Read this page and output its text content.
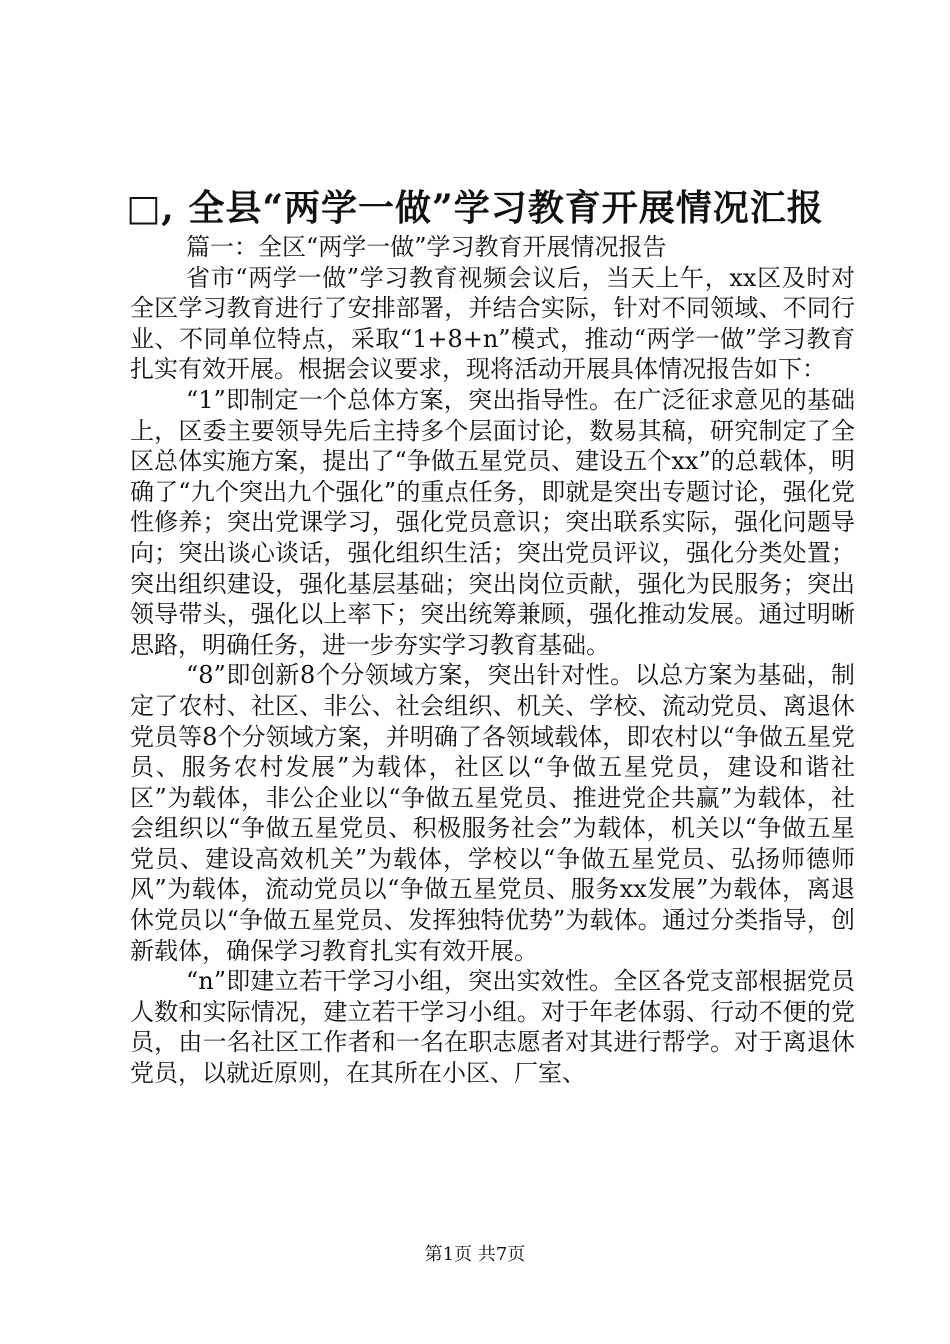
□, 全县“两学一做”学习教育开展情况汇报

篇一：全区“两学一做”学习教育开展情况报告

省市“两学一做”学习教育视频会议后，当天上午，xx区及时对全区学习教育进行了安排部署，并结合实际，针对不同领域、不同行业、不同单位特点，采取“1+8+n”模式，推动“两学一做”学习教育扎实有效开展。根据会议要求，现将活动开展具体情况报告如下：

“1”即制定一个总体方案，突出指导性。在广泛征求意见的基础上，区委主要领导先后主持多个层面讨论，数易其稿，研究制定了全区总体实施方案，提出了“争做五星党员、建设五个xx”的总载体，明确了“九个突出九个强化”的重点任务，即就是突出专题讨论，强化党性修养；突出党课学习，强化党员意识；突出联系实际，强化问题导向；突出谈心谈话，强化组织生活；突出党员评议，强化分类处置；突出组织建设，强化基层基础；突出岗位贡献，强化为民服务；突出领导带头，强化以上率下；突出统筹兼顾，强化推动发展。通过明晰思路，明确任务，进一步夯实学习教育基础。

“8”即创新8个分领域方案，突出针对性。以总方案为基础，制定了农村、社区、非公、社会组织、机关、学校、流动党员、离退休党员等8个分领域方案，并明确了各领域载体，即农村以“争做五星党员、服务农村发展”为载体，社区以“争做五星党员，建设和谐社区”为载体，非公企业以“争做五星党员、推进党企共赢”为载体，社会组织以“争做五星党员、积极服务社会”为载体，机关以“争做五星党员、建设高效机关”为载体，学校以“争做五星党员、弘扬师德师风”为载体，流动党员以“争做五星党员、服务xx发展”为载体，离退休党员以“争做五星党员、发挥独特优势”为载体。通过分类指导，创新载体，确保学习教育扎实有效开展。

“n”即建立若干学习小组，突出实效性。全区各党支部根据党员人数和实际情况，建立若干学习小组。对于年老体弱、行动不便的党员，由一名社区工作者和一名在职志愿者对其进行帮学。对于离退休党员，以就近原则，在其所在小区、厂室、

第1页 共7页
